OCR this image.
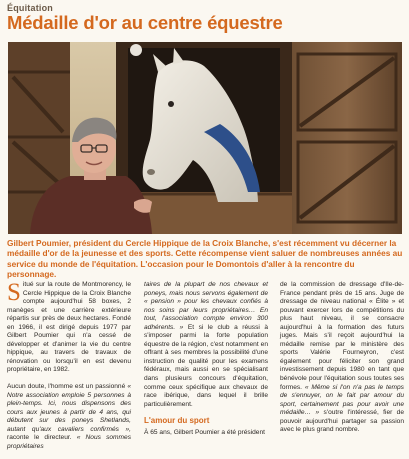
Équitation
Médaille d'or au centre équestre

Gilbert Poumier, président du Cercle Hippique de la Croix Blanche, s'est récemment vu décerner la médaille d'or de la jeunesse et des sports. Cette récompense vient saluer de nombreuses années au service du monde de l'équitation. L'occasion pour le Domontois d'aller à la rencontre du personnage.

Situé sur la route de Montmorency, le Cercle Hippique de la Croix Blanche compte aujourd'hui 58 boxes, 2 manèges et une carrière extérieure répartis sur près de deux hectares. Fondé en 1966, il est dirigé depuis 1977 par Gilbert Poumier qui n'a cessé de développer et d'animer la vie du centre hippique, au travers de travaux de rénovation ou lorsqu'il en est devenu propriétaire, en 1982.

Aucun doute, l'homme est un passionné « Notre association emploie 5 personnes à plein-temps. Ici, nous dispensons des cours aux jeunes à partir de 4 ans, qui débutent sur des poneys Shetlands, autant qu'aux cavaliers confirmés », raconte le directeur. « Nous sommes propriétaires

taires de la plupart de nos chevaux et poneys, mais nous servons également de « pension » pour les chevaux confiés à nos soins par leurs propriétaires… En tout, l'association compte environ 300 adhérents. » Et si le club a réussi à s'imposer parmi la forte population équestre de la région, c'est notamment en offrant à ses membres la possibilité d'une instruction de qualité pour les examens fédéraux, mais aussi en se spécialisant dans plusieurs concours d'équitation, comme ceux spécifique aux chevaux de race ibérique, dans lequel il brille particulièrement.

L'amour du sport

À 65 ans, Gilbert Poumier a été président

de la commission de dressage d'Ile-de-France pendant près de 15 ans. Juge de dressage de niveau national « Élite » et pouvant exercer lors de compétitions du plus haut niveau, il se consacre aujourd'hui à la formation des futurs juges. Mais s'il reçoit aujourd'hui la médaille remise par le ministère des sports Valérie Fourneyron, c'est également pour féliciter son grand investissement depuis 1980 en tant que bénévole pour l'équitation sous toutes ses formes. « Même si l'on n'a pas le temps de s'ennuyer, on le fait par amour du sport, certainement pas pour avoir une médaille… » s'outre l'intéressé, fier de pouvoir aujourd'hui partager sa passion avec le plus grand nombre.
